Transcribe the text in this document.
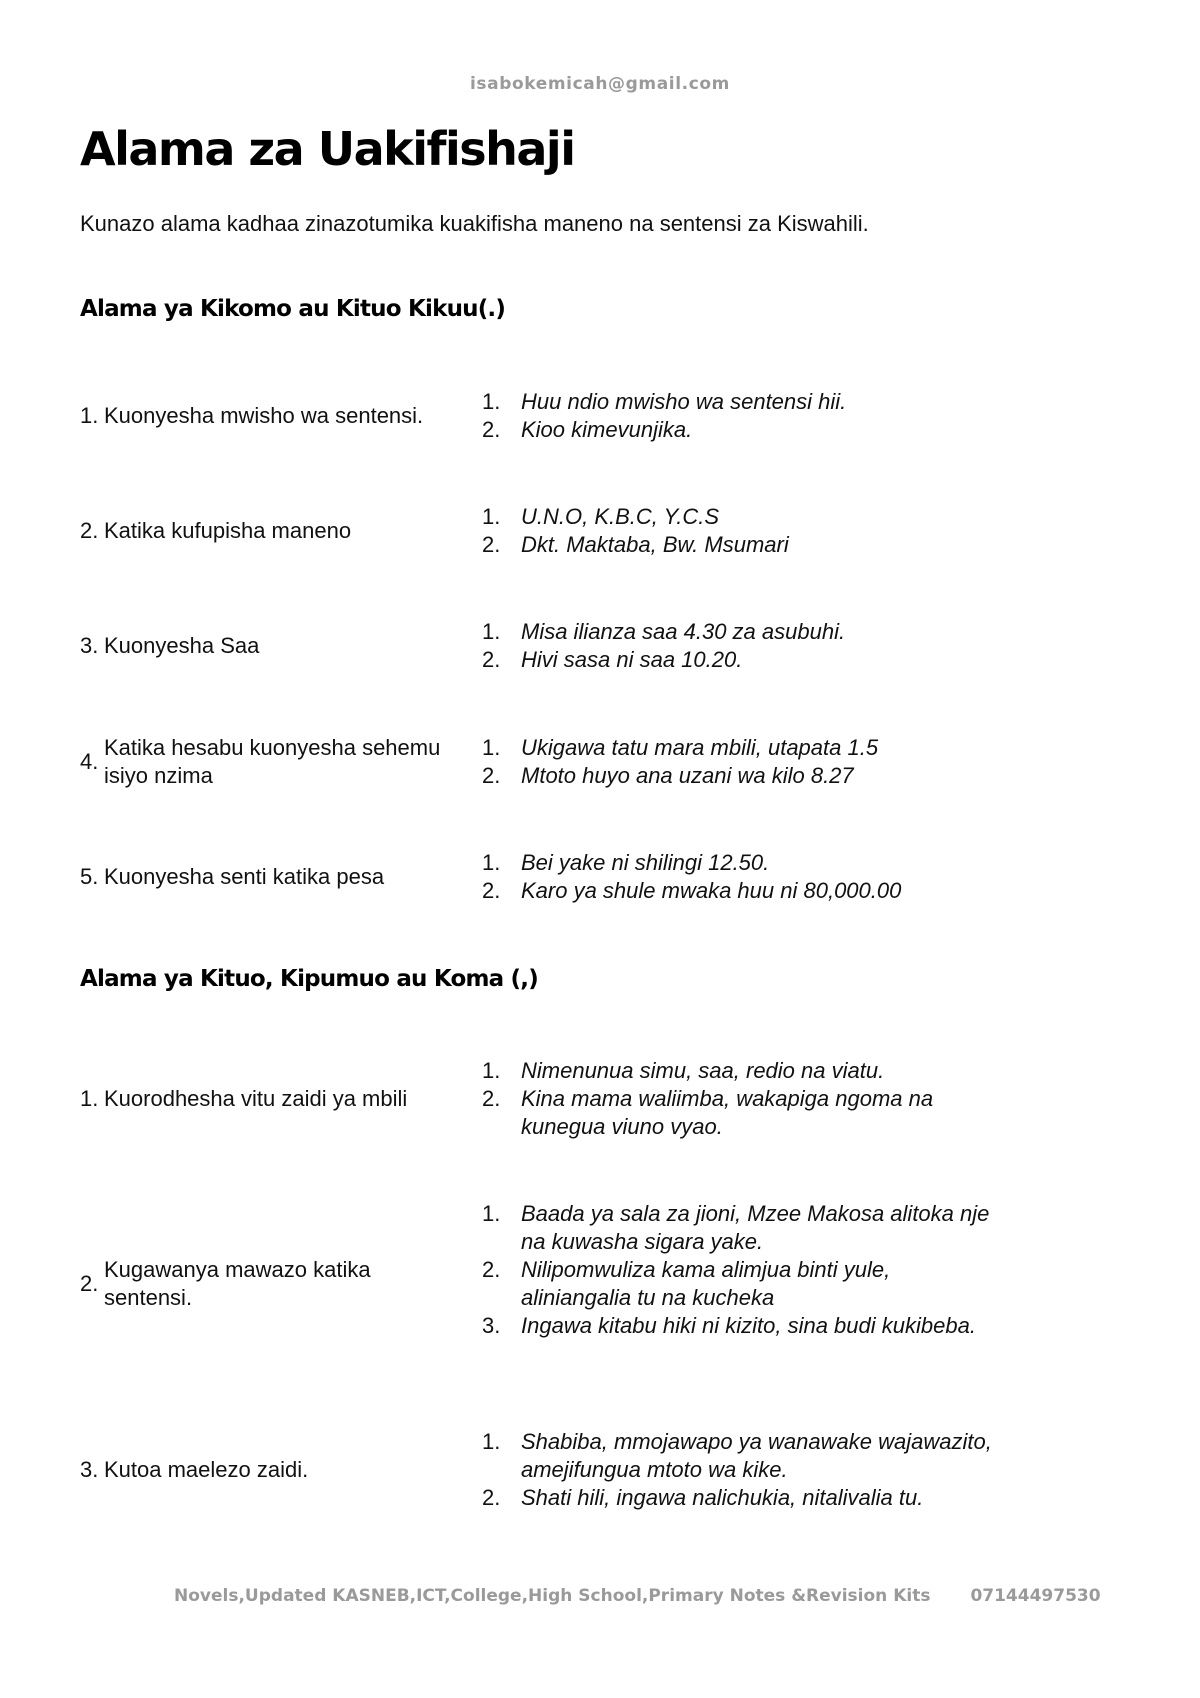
isabokemicah@gmail.com
Alama za Uakifishaji

Kunazo alama kadhaa zinazotumika kuakifisha maneno na sentensi za Kiswahili.

Alama ya Kikomo au Kituo Kikuu(.)
1. Kuonyesha mwisho wa sentensi.
1. Huu ndio mwisho wa sentensi hii.
2. Kioo kimevunjika.
2. Katika kufupisha maneno
1. U.N.O, K.B.C, Y.C.S
2. Dkt. Maktaba, Bw. Msumari
3. Kuonyesha Saa
1. Misa ilianza saa 4.30 za asubuhi.
2. Hivi sasa ni saa 10.20.
4.
Katika hesabu kuonyesha sehemu isiyo nzima
1. Ukigawa tatu mara mbili, utapata 1.5
2. Mtoto huyo ana uzani wa kilo 8.27
5. Kuonyesha senti katika pesa
1. Bei yake ni shilingi 12.50.
2. Karo ya shule mwaka huu ni 80,000.00
Alama ya Kituo, Kipumuo au Koma (,)
1. Kuorodhesha vitu zaidi ya mbili
1. Nimenunua simu, saa, redio na viatu.
2. Kina mama waliimba, wakapiga ngoma na kunegua viuno vyao.
2.
Kugawanya mawazo katika sentensi.
1. Baada ya sala za jioni, Mzee Makosa alitoka nje na kuwasha sigara yake.
2. Nilipomwuliza kama alimjua binti yule, aliniangalia tu na kucheka
3. Ingawa kitabu hiki ni kizito, sina budi kukibeba.
3. Kutoa maelezo zaidi.
1. Shabiba, mmojawapo ya wanawake wajawazito, amejifungua mtoto wa kike.
2. Shati hili, ingawa nalichukia, nitalivalia tu.
Novels,Updated KASNEB,ICT,College,High School,Primary Notes &Revision Kits 07144497530
